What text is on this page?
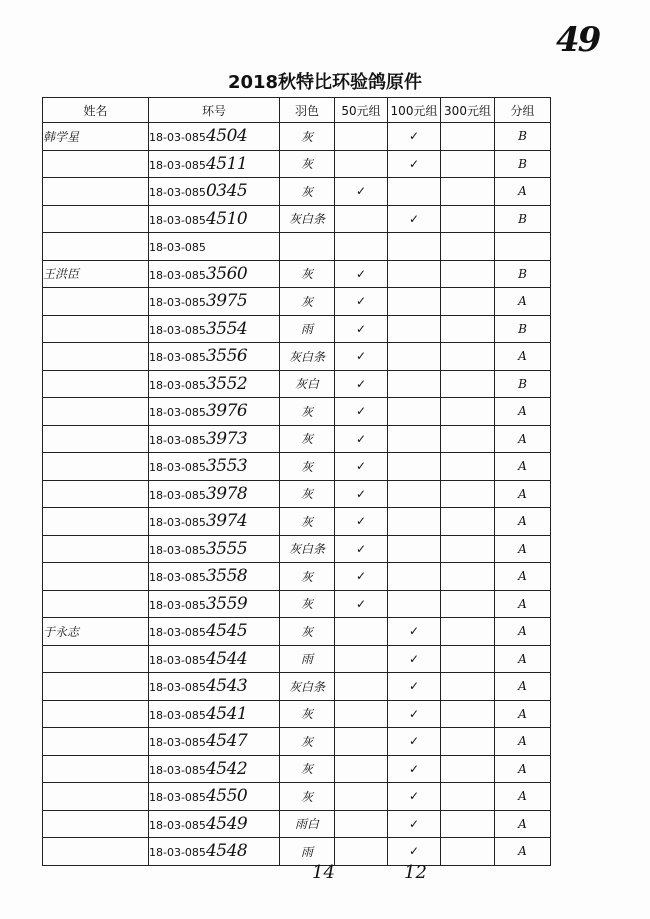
49
2018秋特比环验鸽原件
姓名	环号	羽色	50元组	100元组	300元组	分组
韩学星	18-03-0854504	灰		✓		B
	18-03-0854511	灰		✓		B
	18-03-0850345	灰	✓			A
	18-03-0854510	灰白条		✓		B
	18-03-085					
王洪臣	18-03-0853560	灰	✓			B
	18-03-0853975	灰	✓			A
	18-03-0853554	雨	✓			B
	18-03-0853556	灰白条	✓			A
	18-03-0853552	灰白	✓			B
	18-03-0853976	灰	✓			A
	18-03-0853973	灰	✓			A
	18-03-0853553	灰	✓			A
	18-03-0853978	灰	✓			A
	18-03-0853974	灰	✓			A
	18-03-0853555	灰白条	✓			A
	18-03-0853558	灰	✓			A
	18-03-0853559	灰	✓			A
于永志	18-03-0854545	灰		✓		A
	18-03-0854544	雨		✓		A
	18-03-0854543	灰白条		✓		A
	18-03-0854541	灰		✓		A
	18-03-0854547	灰		✓		A
	18-03-0854542	灰		✓		A
	18-03-0854550	灰		✓		A
	18-03-0854549	雨白		✓		A
	18-03-0854548	雨		✓		A
14	12
